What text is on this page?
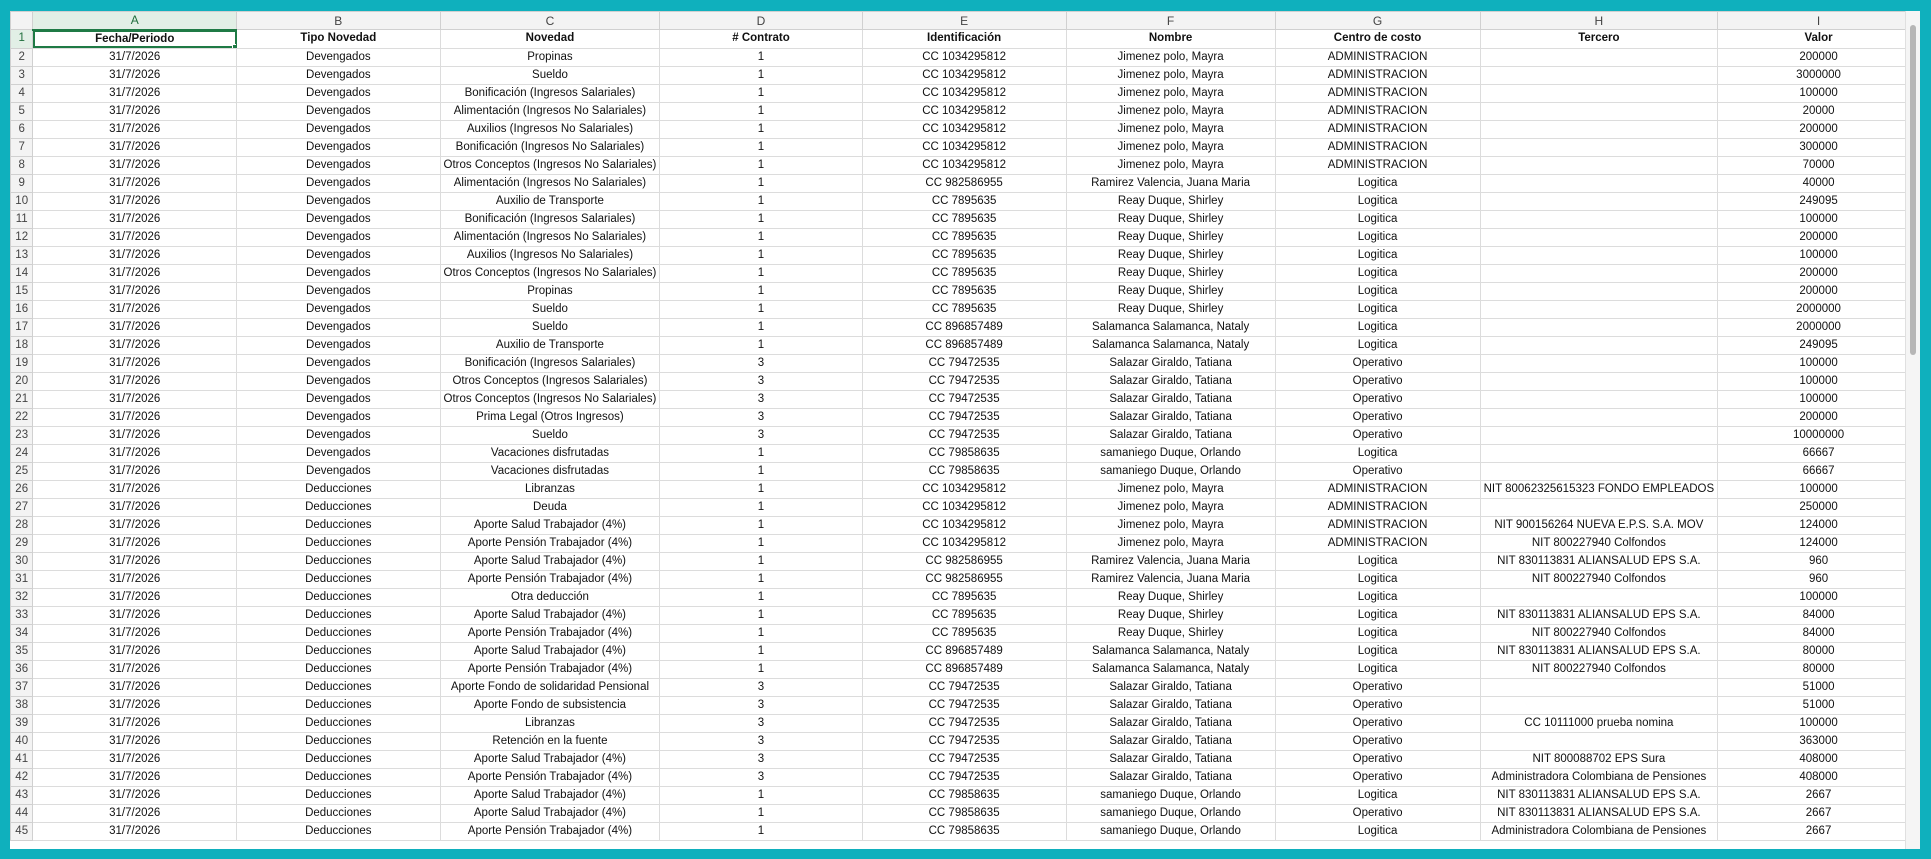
	A	B	C	D	E	F	G	H	I
1	Fecha/Periodo	Tipo Novedad	Novedad	# Contrato	Identificación	Nombre	Centro de costo	Tercero	Valor
2	31/7/2026	Devengados	Propinas	1	CC 1034295812	Jimenez polo, Mayra	ADMINISTRACION		200000
3	31/7/2026	Devengados	Sueldo	1	CC 1034295812	Jimenez polo, Mayra	ADMINISTRACION		3000000
4	31/7/2026	Devengados	Bonificación (Ingresos Salariales)	1	CC 1034295812	Jimenez polo, Mayra	ADMINISTRACION		100000
5	31/7/2026	Devengados	Alimentación (Ingresos No Salariales)	1	CC 1034295812	Jimenez polo, Mayra	ADMINISTRACION		20000
6	31/7/2026	Devengados	Auxilios (Ingresos No Salariales)	1	CC 1034295812	Jimenez polo, Mayra	ADMINISTRACION		200000
7	31/7/2026	Devengados	Bonificación (Ingresos No Salariales)	1	CC 1034295812	Jimenez polo, Mayra	ADMINISTRACION		300000
8	31/7/2026	Devengados	Otros Conceptos (Ingresos No Salariales)	1	CC 1034295812	Jimenez polo, Mayra	ADMINISTRACION		70000
9	31/7/2026	Devengados	Alimentación (Ingresos No Salariales)	1	CC 982586955	Ramirez Valencia, Juana Maria	Logitica		40000
10	31/7/2026	Devengados	Auxilio de Transporte	1	CC 7895635	Reay Duque, Shirley	Logitica		249095
11	31/7/2026	Devengados	Bonificación (Ingresos Salariales)	1	CC 7895635	Reay Duque, Shirley	Logitica		100000
12	31/7/2026	Devengados	Alimentación (Ingresos No Salariales)	1	CC 7895635	Reay Duque, Shirley	Logitica		200000
13	31/7/2026	Devengados	Auxilios (Ingresos No Salariales)	1	CC 7895635	Reay Duque, Shirley	Logitica		100000
14	31/7/2026	Devengados	Otros Conceptos (Ingresos No Salariales)	1	CC 7895635	Reay Duque, Shirley	Logitica		200000
15	31/7/2026	Devengados	Propinas	1	CC 7895635	Reay Duque, Shirley	Logitica		200000
16	31/7/2026	Devengados	Sueldo	1	CC 7895635	Reay Duque, Shirley	Logitica		2000000
17	31/7/2026	Devengados	Sueldo	1	CC 896857489	Salamanca Salamanca, Nataly	Logitica		2000000
18	31/7/2026	Devengados	Auxilio de Transporte	1	CC 896857489	Salamanca Salamanca, Nataly	Logitica		249095
19	31/7/2026	Devengados	Bonificación (Ingresos Salariales)	3	CC 79472535	Salazar Giraldo, Tatiana	Operativo		100000
20	31/7/2026	Devengados	Otros Conceptos (Ingresos Salariales)	3	CC 79472535	Salazar Giraldo, Tatiana	Operativo		100000
21	31/7/2026	Devengados	Otros Conceptos (Ingresos No Salariales)	3	CC 79472535	Salazar Giraldo, Tatiana	Operativo		100000
22	31/7/2026	Devengados	Prima Legal (Otros Ingresos)	3	CC 79472535	Salazar Giraldo, Tatiana	Operativo		200000
23	31/7/2026	Devengados	Sueldo	3	CC 79472535	Salazar Giraldo, Tatiana	Operativo		10000000
24	31/7/2026	Devengados	Vacaciones disfrutadas	1	CC 79858635	samaniego Duque, Orlando	Logitica		66667
25	31/7/2026	Devengados	Vacaciones disfrutadas	1	CC 79858635	samaniego Duque, Orlando	Operativo		66667
26	31/7/2026	Deducciones	Libranzas	1	CC 1034295812	Jimenez polo, Mayra	ADMINISTRACION	NIT 80062325615323 FONDO EMPLEADOS	100000
27	31/7/2026	Deducciones	Deuda	1	CC 1034295812	Jimenez polo, Mayra	ADMINISTRACION		250000
28	31/7/2026	Deducciones	Aporte Salud Trabajador (4%)	1	CC 1034295812	Jimenez polo, Mayra	ADMINISTRACION	NIT 900156264 NUEVA E.P.S. S.A. MOV	124000
29	31/7/2026	Deducciones	Aporte Pensión Trabajador (4%)	1	CC 1034295812	Jimenez polo, Mayra	ADMINISTRACION	NIT 800227940 Colfondos	124000
30	31/7/2026	Deducciones	Aporte Salud Trabajador (4%)	1	CC 982586955	Ramirez Valencia, Juana Maria	Logitica	NIT 830113831 ALIANSALUD EPS S.A.	960
31	31/7/2026	Deducciones	Aporte Pensión Trabajador (4%)	1	CC 982586955	Ramirez Valencia, Juana Maria	Logitica	NIT 800227940 Colfondos	960
32	31/7/2026	Deducciones	Otra deducción	1	CC 7895635	Reay Duque, Shirley	Logitica		100000
33	31/7/2026	Deducciones	Aporte Salud Trabajador (4%)	1	CC 7895635	Reay Duque, Shirley	Logitica	NIT 830113831 ALIANSALUD EPS S.A.	84000
34	31/7/2026	Deducciones	Aporte Pensión Trabajador (4%)	1	CC 7895635	Reay Duque, Shirley	Logitica	NIT 800227940 Colfondos	84000
35	31/7/2026	Deducciones	Aporte Salud Trabajador (4%)	1	CC 896857489	Salamanca Salamanca, Nataly	Logitica	NIT 830113831 ALIANSALUD EPS S.A.	80000
36	31/7/2026	Deducciones	Aporte Pensión Trabajador (4%)	1	CC 896857489	Salamanca Salamanca, Nataly	Logitica	NIT 800227940 Colfondos	80000
37	31/7/2026	Deducciones	Aporte Fondo de solidaridad Pensional	3	CC 79472535	Salazar Giraldo, Tatiana	Operativo		51000
38	31/7/2026	Deducciones	Aporte Fondo de subsistencia	3	CC 79472535	Salazar Giraldo, Tatiana	Operativo		51000
39	31/7/2026	Deducciones	Libranzas	3	CC 79472535	Salazar Giraldo, Tatiana	Operativo	CC 10111000 prueba nomina	100000
40	31/7/2026	Deducciones	Retención en la fuente	3	CC 79472535	Salazar Giraldo, Tatiana	Operativo		363000
41	31/7/2026	Deducciones	Aporte Salud Trabajador (4%)	3	CC 79472535	Salazar Giraldo, Tatiana	Operativo	NIT 800088702 EPS Sura	408000
42	31/7/2026	Deducciones	Aporte Pensión Trabajador (4%)	3	CC 79472535	Salazar Giraldo, Tatiana	Operativo	Administradora Colombiana de Pensiones	408000
43	31/7/2026	Deducciones	Aporte Salud Trabajador (4%)	1	CC 79858635	samaniego Duque, Orlando	Logitica	NIT 830113831 ALIANSALUD EPS S.A.	2667
44	31/7/2026	Deducciones	Aporte Salud Trabajador (4%)	1	CC 79858635	samaniego Duque, Orlando	Operativo	NIT 830113831 ALIANSALUD EPS S.A.	2667
45	31/7/2026	Deducciones	Aporte Pensión Trabajador (4%)	1	CC 79858635	samaniego Duque, Orlando	Logitica	Administradora Colombiana de Pensiones	2667
